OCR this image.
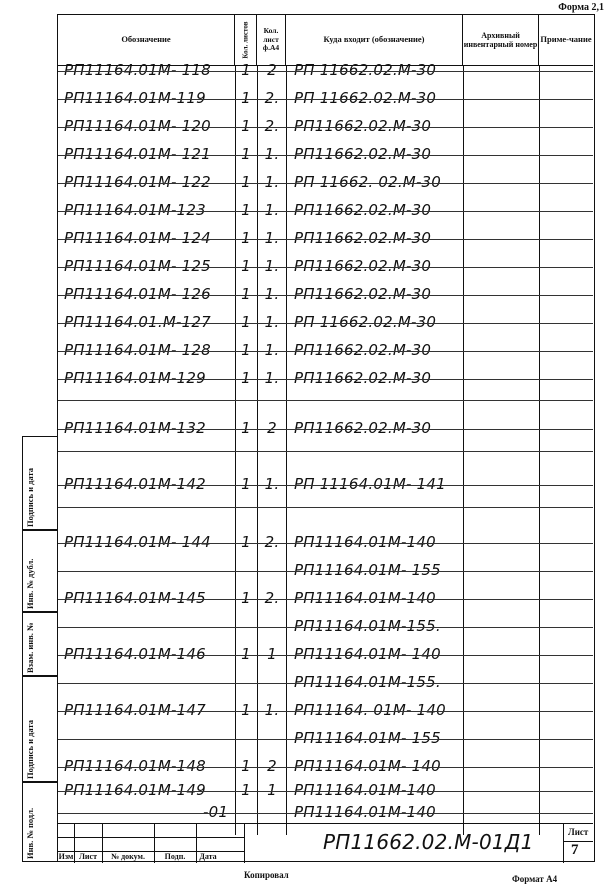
Форма 2,1
Обозначение	Кол. листов	Кол. лист ф.А4
Куда входит (обозначение)	Архивный инвентарный номер
Приме-чание
РП11164.01М- 118	1	2	РП 11662.02.М-30
РП11164.01М-119	1 2. РП 11662.02.М-30
РП11164.01М- 120	1 2. РП11662.02.М-30
РП11164.01М- 121	1 1. РП11662.02.М-30
РП11164.01М- 122	1 1. РП 11662. 02.М-30
РП11164.01М-123	1 1. РП11662.02.М-30
РП11164.01М- 124	1 1. РП11662.02.М-30
РП11164.01М- 125	1 1. РП11662.02.М-30
РП11164.01М- 126	1 1. РП11662.02.М-30
РП11164.01.М-127	1 1. РП 11662.02.М-30
РП11164.01М- 128	1 1. РП11662.02.М-30
РП11164.01М-129	1 1. РП11662.02.М-30
РП11164.01М-132	1	2	РП11662.02.М-30
РП11164.01М-142	1 1. РП 11164.01М- 141
РП11164.01М- 144	1 2. РП11164.01М-140
РП11164.01М- 155
РП11164.01М-145	1 2. РП11164.01М-140
РП11164.01М-155.
РП11164.01М-146	1	1	РП11164.01М- 140
РП11164.01М-155.
РП11164.01М-147	1 1. РП11164. 01М- 140
РП11164.01М- 155
РП11164.01М-148	1	2	РП11164.01М- 140
РП11164.01М-149	1	1	РП11164.01М-140
-01	РП11164.01М-140
Изм Лист	№ докум.	Подп.	Дата
РП11662.02.М-01Д1	Лист
7
Подпись и дата
Инв. № дубл.
Взам. инв. №
Подпись и дата
Инв. № подл.
Копировал	Формат А4
